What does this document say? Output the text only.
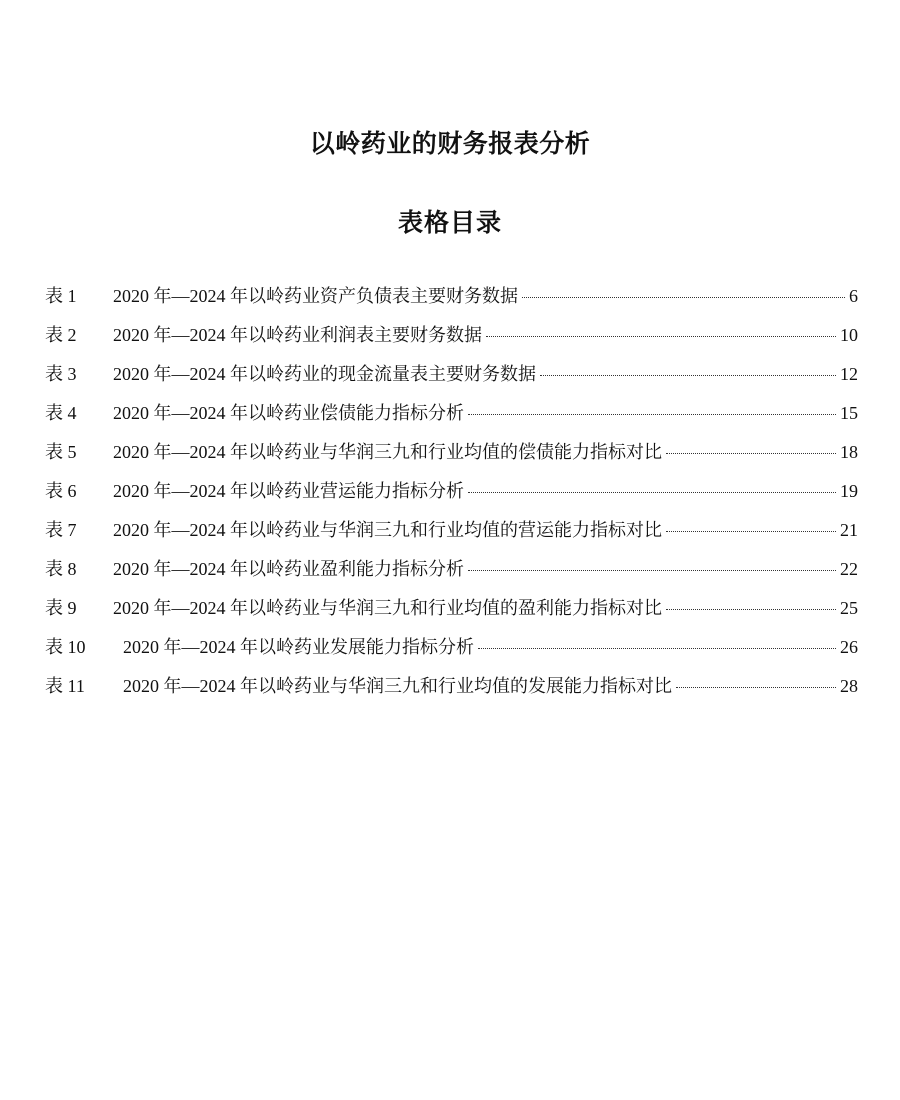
以岭药业的财务报表分析
表格目录
表 1	2020 年—2024 年以岭药业资产负债表主要财务数据	6
表 2	2020 年—2024 年以岭药业利润表主要财务数据	10
表 3	2020 年—2024 年以岭药业的现金流量表主要财务数据	12
表 4	2020 年—2024 年以岭药业偿债能力指标分析	15
表 5	2020 年—2024 年以岭药业与华润三九和行业均值的偿债能力指标对比	18
表 6	2020 年—2024 年以岭药业营运能力指标分析	19
表 7	2020 年—2024 年以岭药业与华润三九和行业均值的营运能力指标对比	21
表 8	2020 年—2024 年以岭药业盈利能力指标分析	22
表 9	2020 年—2024 年以岭药业与华润三九和行业均值的盈利能力指标对比	25
表 10	2020 年—2024 年以岭药业发展能力指标分析	26
表 11	2020 年—2024 年以岭药业与华润三九和行业均值的发展能力指标对比	28
